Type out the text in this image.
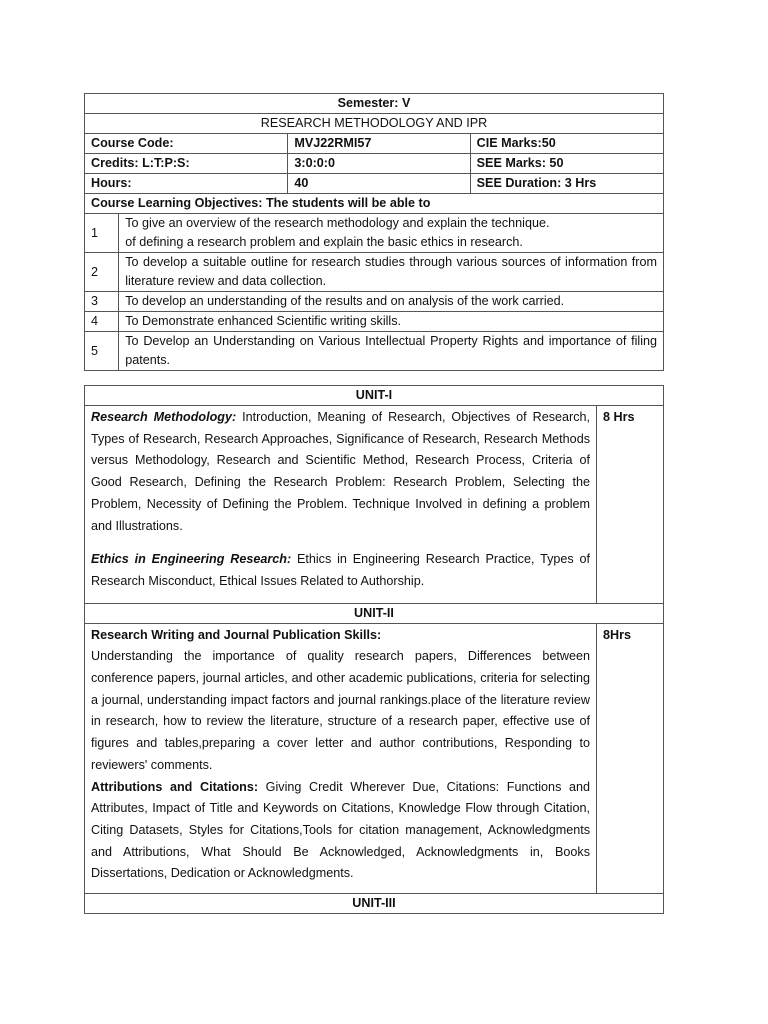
Semester: V			
RESEARCH METHODOLOGY AND IPR			
Course Code:		MVJ22RMI57	CIE Marks:50
Credits: L:T:P:S:		3:0:0:0	SEE Marks: 50
Hours:		40	SEE Duration: 3 Hrs
Course Learning Objectives: The students will be able to			
1	To give an overview of the research methodology and explain the technique.
of defining a research problem and explain the basic ethics in research.		
2	To develop a suitable outline for research studies through various sources of information from literature review and data collection.		
3	To develop an understanding of the results and on analysis of the work carried.		
4	To Demonstrate enhanced Scientific writing skills.		
5	To Develop an Understanding on Various Intellectual Property Rights and importance of filing patents.		
UNIT-I	
Research Methodology: Introduction, Meaning of Research, Objectives of Research, Types of Research, Research Approaches, Significance of Research, Research Methods versus Methodology, Research and Scientific Method, Research Process, Criteria of Good Research, Defining the Research Problem: Research Problem, Selecting the Problem, Necessity of Defining the Problem. Technique Involved in defining a problem and Illustrations.
Ethics in Engineering Research: Ethics in Engineering Research Practice, Types of Research Misconduct, Ethical Issues Related to Authorship.	8 Hrs
UNIT-II	
Research Writing and Journal Publication Skills:
Understanding the importance of quality research papers, Differences between conference papers, journal articles, and other academic publications, criteria for selecting a journal, understanding impact factors and journal rankings.place of the literature review in research, how to review the literature, structure of a research paper, effective use of figures and tables,preparing a cover letter and author contributions, Responding to reviewers' comments.
Attributions and Citations: Giving Credit Wherever Due, Citations: Functions and Attributes, Impact of Title and Keywords on Citations, Knowledge Flow through Citation, Citing Datasets, Styles for Citations,Tools for citation management, Acknowledgments and Attributions, What Should Be Acknowledged, Acknowledgments in, Books Dissertations, Dedication or Acknowledgments.	8Hrs
UNIT-III	
